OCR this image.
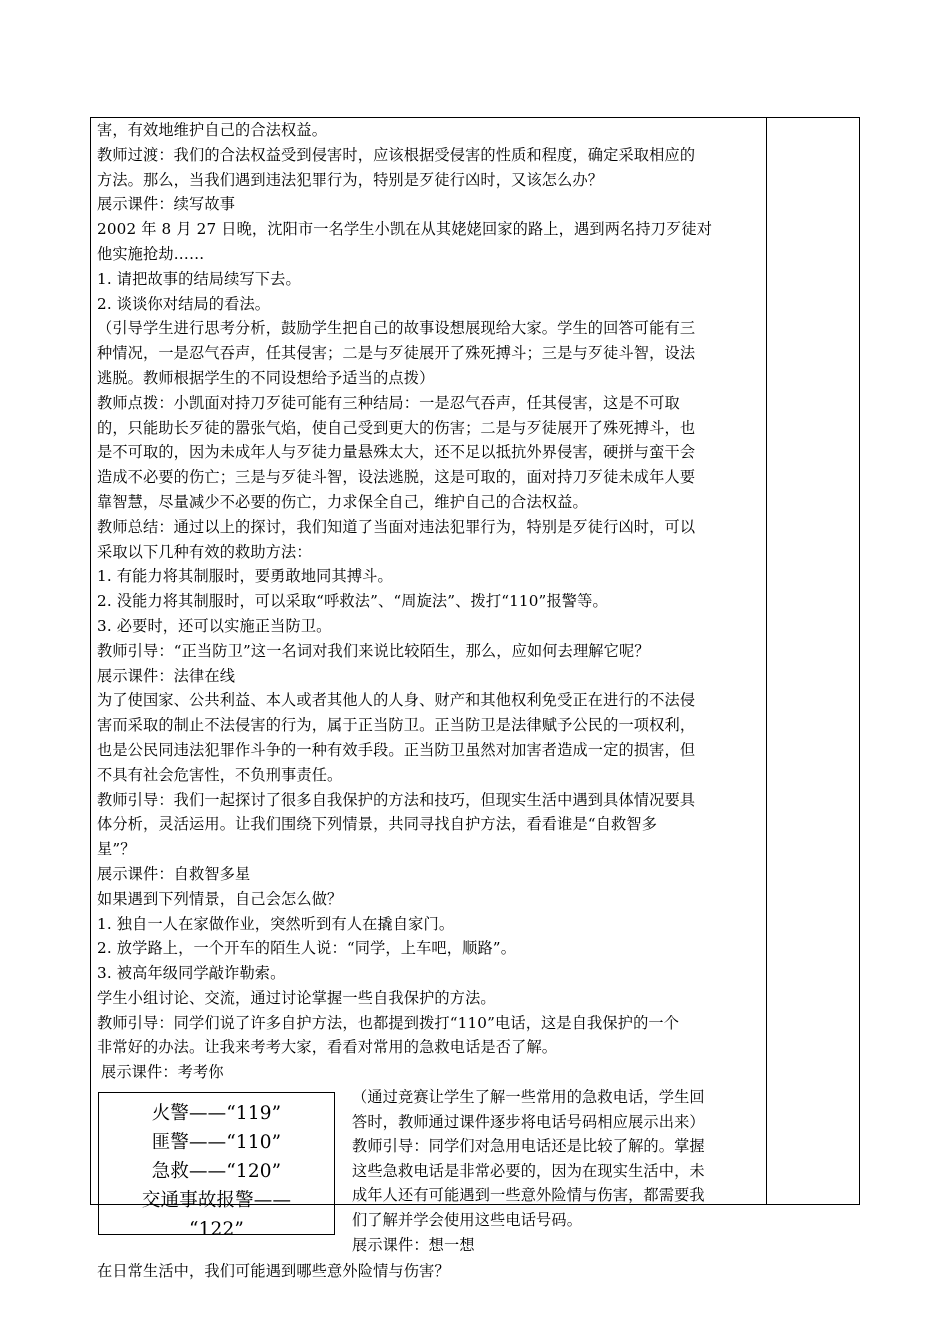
害，有效地维护自己的合法权益。
教师过渡：我们的合法权益受到侵害时，应该根据受侵害的性质和程度，确定采取相应的
方法。那么，当我们遇到违法犯罪行为，特别是歹徒行凶时，又该怎么办？
展示课件：续写故事
2002 年 8 月 27 日晚，沈阳市一名学生小凯在从其姥姥回家的路上，遇到两名持刀歹徒对
他实施抢劫……
1. 请把故事的结局续写下去。
2. 谈谈你对结局的看法。
（引导学生进行思考分析，鼓励学生把自己的故事设想展现给大家。学生的回答可能有三
种情况，一是忍气吞声，任其侵害；二是与歹徒展开了殊死搏斗；三是与歹徒斗智，设法
逃脱。教师根据学生的不同设想给予适当的点拨）
教师点拨：小凯面对持刀歹徒可能有三种结局：一是忍气吞声，任其侵害，这是不可取
的，只能助长歹徒的嚣张气焰，使自己受到更大的伤害；二是与歹徒展开了殊死搏斗，也
是不可取的，因为未成年人与歹徒力量悬殊太大，还不足以抵抗外界侵害，硬拼与蛮干会
造成不必要的伤亡；三是与歹徒斗智，设法逃脱，这是可取的，面对持刀歹徒未成年人要
靠智慧，尽量减少不必要的伤亡，力求保全自己，维护自己的合法权益。
教师总结：通过以上的探讨，我们知道了当面对违法犯罪行为，特别是歹徒行凶时，可以
采取以下几种有效的救助方法：
1. 有能力将其制服时，要勇敢地同其搏斗。
2. 没能力将其制服时，可以采取“呼救法”、“周旋法”、拨打“110”报警等。
3. 必要时，还可以实施正当防卫。
教师引导：“正当防卫”这一名词对我们来说比较陌生，那么，应如何去理解它呢？
展示课件：法律在线
为了使国家、公共利益、本人或者其他人的人身、财产和其他权利免受正在进行的不法侵
害而采取的制止不法侵害的行为，属于正当防卫。正当防卫是法律赋予公民的一项权利，
也是公民同违法犯罪作斗争的一种有效手段。正当防卫虽然对加害者造成一定的损害，但
不具有社会危害性，不负刑事责任。
教师引导：我们一起探讨了很多自我保护的方法和技巧，但现实生活中遇到具体情况要具
体分析，灵活运用。让我们围绕下列情景，共同寻找自护方法，看看谁是“自救智多
星”？
展示课件：自救智多星
如果遇到下列情景，自己会怎么做？
1. 独自一人在家做作业，突然听到有人在撬自家门。
2. 放学路上，一个开车的陌生人说：“同学，上车吧，顺路”。
3. 被高年级同学敲诈勒索。
学生小组讨论、交流，通过讨论掌握一些自我保护的方法。
教师引导：同学们说了许多自护方法，也都提到拨打“110”电话，这是自我保护的一个
非常好的办法。让我来考考大家，看看对常用的急救电话是否了解。
展示课件：考考你
火警——“119”
匪警——“110”
急救——“120”
交通事故报警——
“122”
（通过竞赛让学生了解一些常用的急救电话，学生回
答时，教师通过课件逐步将电话号码相应展示出来）
教师引导：同学们对急用电话还是比较了解的。掌握
这些急救电话是非常必要的，因为在现实生活中，未
成年人还有可能遇到一些意外险情与伤害，都需要我
们了解并学会使用这些电话号码。
展示课件：想一想
在日常生活中，我们可能遇到哪些意外险情与伤害？
